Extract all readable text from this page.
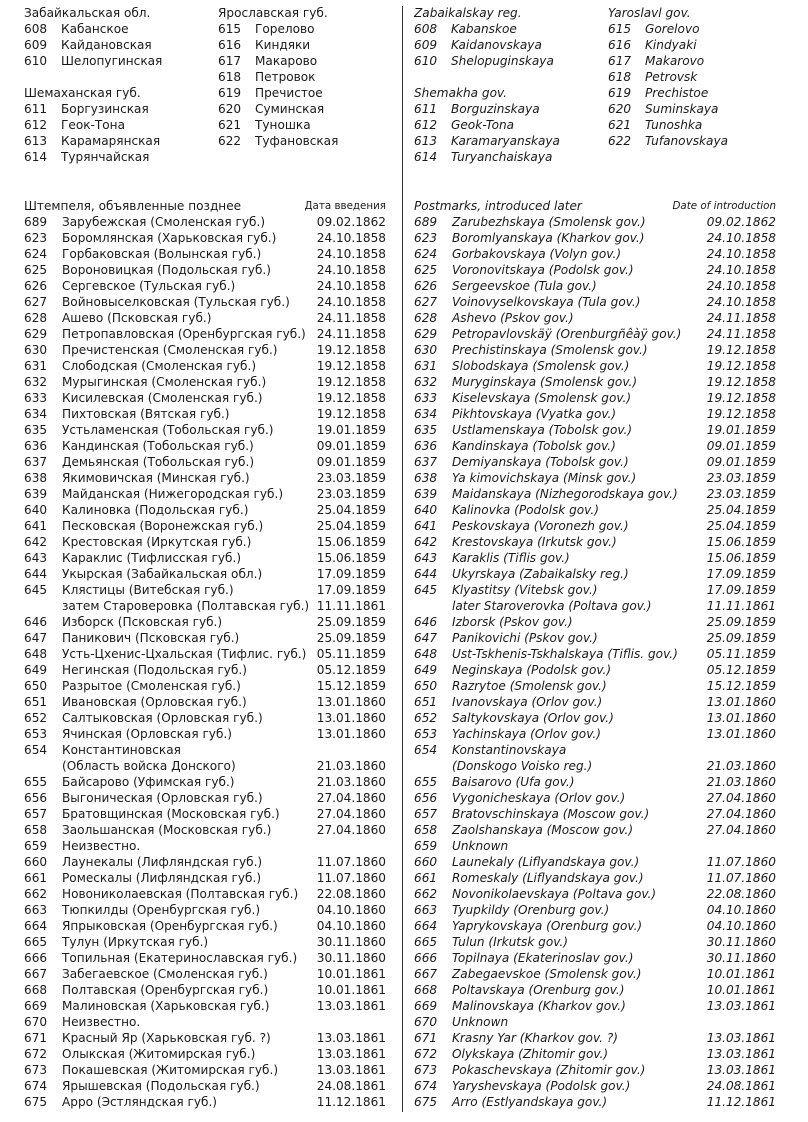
Забайкальская обл.
608 Кабанское
609 Кайдановская
610 Шелопугинская
Шемаханская губ.
611 Боргузинская
612 Геок-Тона
613 Карамарянская
614 Турянчайская
Ярославская губ.
615 Горелово
616 Киндяки
617 Макарово
618 Петровок
619 Пречистое
620 Суминская
621 Туношка
622 Туфановская
Штемпеля, объявленные позднее	Дата введения
689 Зарубежская (Смоленская губ.)	09.02.1862
623 Боромлянская (Харьковская губ.)	24.10.1858
624 Горбаковская (Волынская губ.)	24.10.1858
625 Вороновицкая (Подольская губ.)	24.10.1858
626 Сергевское (Тульская губ.)	24.10.1858
627 Войновыселковская (Тульская губ.) 24.10.1858
628 Ашево (Псковская губ.)	24.11.1858
629 Петропавловская (Оренбургская губ.) 24.11.1858
630 Пречистенская (Смоленская губ.)	19.12.1858
631 Слободская (Смоленская губ.)	19.12.1858
632 Мурыгинская (Смоленская губ.)	19.12.1858
633 Кисилевская (Смоленская губ.)	19.12.1858
634 Пихтовская (Вятская губ.)	19.12.1858
635 Устьламенская (Тобольская губ.)	19.01.1859
636 Кандинская (Тобольская губ.)	09.01.1859
637 Демьянская (Тобольская губ.)	09.01.1859
638 Якимовичская (Минская губ.)	23.03.1859
639 Майданская (Нижегородская губ.)	23.03.1859
640 Калиновка (Подольская губ.)	25.04.1859
641 Песковская (Воронежская губ.)	25.04.1859
642 Крестовская (Иркутская губ.)	15.06.1859
643 Караклис (Тифлисская губ.)	15.06.1859
644 Укырская (Забайкальская обл.)	17.09.1859
645 Клястицы (Витебская губ.)	17.09.1859
затем Староверовка (Полтавская губ.) 11.11.1861
646 Изборск (Псковская губ.)	25.09.1859
647 Паникович (Псковская губ.)	25.09.1859
648 Усть-Цхенис-Цхальская (Тифлис. губ.) 05.11.1859
649 Негинская (Подольская губ.)	05.12.1859
650 Разрытое (Смоленская губ.)	15.12.1859
651 Ивановская (Орловская губ.)	13.01.1860
652 Салтыковская (Орловская губ.)	13.01.1860
653 Ячинская (Орловская губ.)	13.01.1860
654 Константиновская
(Область войска Донского)	21.03.1860
655 Байсарово (Уфимская губ.)	21.03.1860
656 Выгоническая (Орловская губ.)	27.04.1860
657 Братовщинская (Московская губ.)	27.04.1860
658 Заольшанская (Московская губ.)	27.04.1860
659 Неизвестно.
660 Лаунекалы (Лифляндская губ.)	11.07.1860
661 Ромескалы (Лифляндская губ.)	11.07.1860
662 Новониколаевская (Полтавская губ.) 22.08.1860
663 Тюпкилды (Оренбургская губ.)	04.10.1860
664 Япрыковская (Оренбургская губ.)	04.10.1860
665 Тулун (Иркутская губ.)	30.11.1860
666 Топильная (Екатеринославская губ.) 30.11.1860
667 Забегаевское (Смоленская губ.)	10.01.1861
668 Полтавская (Оренбургская губ.)	10.01.1861
669 Малиновская (Харьковская губ.)	13.03.1861
670 Неизвестно.
671 Красный Яр (Харьковская губ. ?)	13.03.1861
672 Олыкская (Житомирская губ.)	13.03.1861
673 Покашевская (Житомирская губ.)	13.03.1861
674 Ярышевская (Подольская губ.)	24.08.1861
675 Арро (Эстляндская губ.)	11.12.1861
Zabaikalskay reg.
608 Kabanskoe
609 Kaidanovskaya
610 Shelopuginskaya
Shemakha gov.
611 Borguzinskaya
612 Geok-Tona
613 Karamaryanskaya
614 Turyanchaiskaya
Yaroslavl gov.
615 Gorelovo
616 Kindyaki
617 Makarovo
618 Petrovsk
619 Prechistoe
620 Suminskaya
621 Tunoshka
622 Tufanovskaya
Postmarks, introduced later	Date of introduction
689 Zarubezhskaya (Smolensk gov.)	09.02.1862
623 Boromlyanskaya (Kharkov gov.)	24.10.1858
624 Gorbakovskaya (Volyn gov.)	24.10.1858
625 Voronovitskaya (Podolsk gov.)	24.10.1858
626 Sergeevskoe (Tula gov.)	24.10.1858
627 Voinovyselkovskaya (Tula gov.)	24.10.1858
628 Ashevo (Pskov gov.)	24.11.1858
629 Petropavlovskäÿ (Orenburgñêàÿ gov.) 24.11.1858
630 Prechistinskaya (Smolensk gov.)	19.12.1858
631 Slobodskaya (Smolensk gov.)	19.12.1858
632 Muryginskaya (Smolensk gov.)	19.12.1858
633 Kiselevskaya (Smolensk gov.)	19.12.1858
634 Pikhtovskaya (Vyatka gov.)	19.12.1858
635 Ustlamenskaya (Tobolsk gov.)	19.01.1859
636 Kandinskaya (Tobolsk gov.)	09.01.1859
637 Demiyanskaya (Tobolsk gov.)	09.01.1859
638 Ya kimovichskaya (Minsk gov.)	23.03.1859
639 Maidanskaya (Nizhegorodskaya gov.) 23.03.1859
640 Kalinovka (Podolsk gov.)	25.04.1859
641 Peskovskaya (Voronezh gov.)	25.04.1859
642 Krestovskaya (Irkutsk gov.)	15.06.1859
643 Karaklis (Tiflis gov.)	15.06.1859
644 Ukyrskaya (Zabaikalsky reg.)	17.09.1859
645 Klyastitsy (Vitebsk gov.)	17.09.1859
later Staroverovka (Poltava gov.)	11.11.1861
646 Izborsk (Pskov gov.)	25.09.1859
647 Panikovichi (Pskov gov.)	25.09.1859
648 Ust-Tskhenis-Tskhalskaya (Tiflis. gov.) 05.11.1859
649 Neginskaya (Podolsk gov.)	05.12.1859
650 Razrytoe (Smolensk gov.)	15.12.1859
651 Ivanovskaya (Orlov gov.)	13.01.1860
652 Saltykovskaya (Orlov gov.)	13.01.1860
653 Yachinskaya (Orlov gov.)	13.01.1860
654 Konstantinovskaya
(Donskogo Voisko reg.)	21.03.1860
655 Baisarovo (Ufa gov.)	21.03.1860
656 Vygonicheskaya (Orlov gov.)	27.04.1860
657 Bratovschinskaya (Moscow gov.)	27.04.1860
658 Zaolshanskaya (Moscow gov.)	27.04.1860
659 Unknown
660 Launekaly (Liflyandskaya gov.)	11.07.1860
661 Romeskaly (Liflyandskaya gov.)	11.07.1860
662 Novonikolaevskaya (Poltava gov.)	22.08.1860
663 Tyupkildy (Orenburg gov.)	04.10.1860
664 Yaprykovskaya (Orenburg gov.)	04.10.1860
665 Tulun (Irkutsk gov.)	30.11.1860
666 Topilnaya (Ekaterinoslav gov.)	30.11.1860
667 Zabegaevskoe (Smolensk gov.)	10.01.1861
668 Poltavskaya (Orenburg gov.)	10.01.1861
669 Malinovskaya (Kharkov gov.)	13.03.1861
670 Unknown
671 Krasny Yar (Kharkov gov. ?)	13.03.1861
672 Olykskaya (Zhitomir gov.)	13.03.1861
673 Pokaschevskaya (Zhitomir gov.)	13.03.1861
674 Yaryshevskaya (Podolsk gov.)	24.08.1861
675 Arro (Estlyandskaya gov.)	11.12.1861
